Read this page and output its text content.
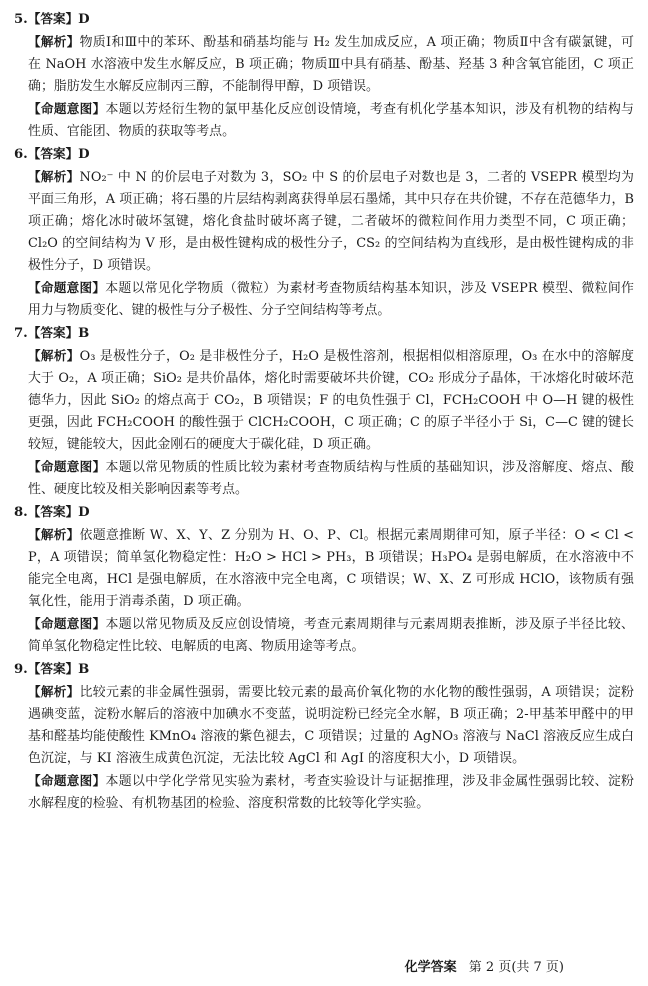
5.【答案】D

【解析】物质Ⅰ和Ⅲ中的苯环、酚基和硝基均能与 H₂ 发生加成反应，A 项正确；物质Ⅱ中含有碳氯键，可在 NaOH 水溶液中发生水解反应，B 项正确；物质Ⅲ中具有硝基、酚基、羟基 3 种含氧官能团，C 项正确；脂肪发生水解反应制丙三醇，不能制得甲醇，D 项错误。

【命题意图】本题以芳烃衍生物的氯甲基化反应创设情境，考查有机化学基本知识，涉及有机物的结构与性质、官能团、物质的获取等考点。

6.【答案】D

【解析】NO₂⁻ 中 N 的价层电子对数为 3，SO₂ 中 S 的价层电子对数也是 3，二者的 VSEPR 模型均为平面三角形，A 项正确；将石墨的片层结构剥离获得单层石墨烯，其中只存在共价键，不存在范德华力，B 项正确；熔化冰时破坏氢键，熔化食盐时破坏离子键，二者破坏的微粒间作用力类型不同，C 项正确；Cl₂O 的空间结构为 V 形，是由极性键构成的极性分子，CS₂ 的空间结构为直线形，是由极性键构成的非极性分子，D 项错误。

【命题意图】本题以常见化学物质（微粒）为素材考查物质结构基本知识，涉及 VSEPR 模型、微粒间作用力与物质变化、键的极性与分子极性、分子空间结构等考点。

7.【答案】B

【解析】O₃ 是极性分子，O₂ 是非极性分子，H₂O 是极性溶剂，根据相似相溶原理，O₃ 在水中的溶解度大于 O₂，A 项正确；SiO₂ 是共价晶体，熔化时需要破坏共价键，CO₂ 形成分子晶体，干冰熔化时破坏范德华力，因此 SiO₂ 的熔点高于 CO₂，B 项错误；F 的电负性强于 Cl，FCH₂COOH 中 O—H 键的极性更强，因此 FCH₂COOH 的酸性强于 ClCH₂COOH，C 项正确；C 的原子半径小于 Si，C—C 键的键长较短，键能较大，因此金刚石的硬度大于碳化硅，D 项正确。

【命题意图】本题以常见物质的性质比较为素材考查物质结构与性质的基础知识，涉及溶解度、熔点、酸性、硬度比较及相关影响因素等考点。

8.【答案】D

【解析】依题意推断 W、X、Y、Z 分别为 H、O、P、Cl。根据元素周期律可知，原子半径：O < Cl < P，A 项错误；简单氢化物稳定性：H₂O > HCl > PH₃，B 项错误；H₃PO₄ 是弱电解质，在水溶液中不能完全电离，HCl 是强电解质，在水溶液中完全电离，C 项错误；W、X、Z 可形成 HClO，该物质有强氧化性，能用于消毒杀菌，D 项正确。

【命题意图】本题以常见物质及反应创设情境，考查元素周期律与元素周期表推断，涉及原子半径比较、简单氢化物稳定性比较、电解质的电离、物质用途等考点。

9.【答案】B

【解析】比较元素的非金属性强弱，需要比较元素的最高价氧化物的水化物的酸性强弱，A 项错误；淀粉遇碘变蓝，淀粉水解后的溶液中加碘水不变蓝，说明淀粉已经完全水解，B 项正确；2-甲基苯甲醛中的甲基和醛基均能使酸性 KMnO₄ 溶液的紫色褪去，C 项错误；过量的 AgNO₃ 溶液与 NaCl 溶液反应生成白色沉淀，与 KI 溶液生成黄色沉淀，无法比较 AgCl 和 AgI 的溶度积大小，D 项错误。

【命题意图】本题以中学化学常见实验为素材，考查实验设计与证据推理，涉及非金属性强弱比较、淀粉水解程度的检验、有机物基团的检验、溶度积常数的比较等化学实验。

化学答案 第 2 页(共 7 页)
